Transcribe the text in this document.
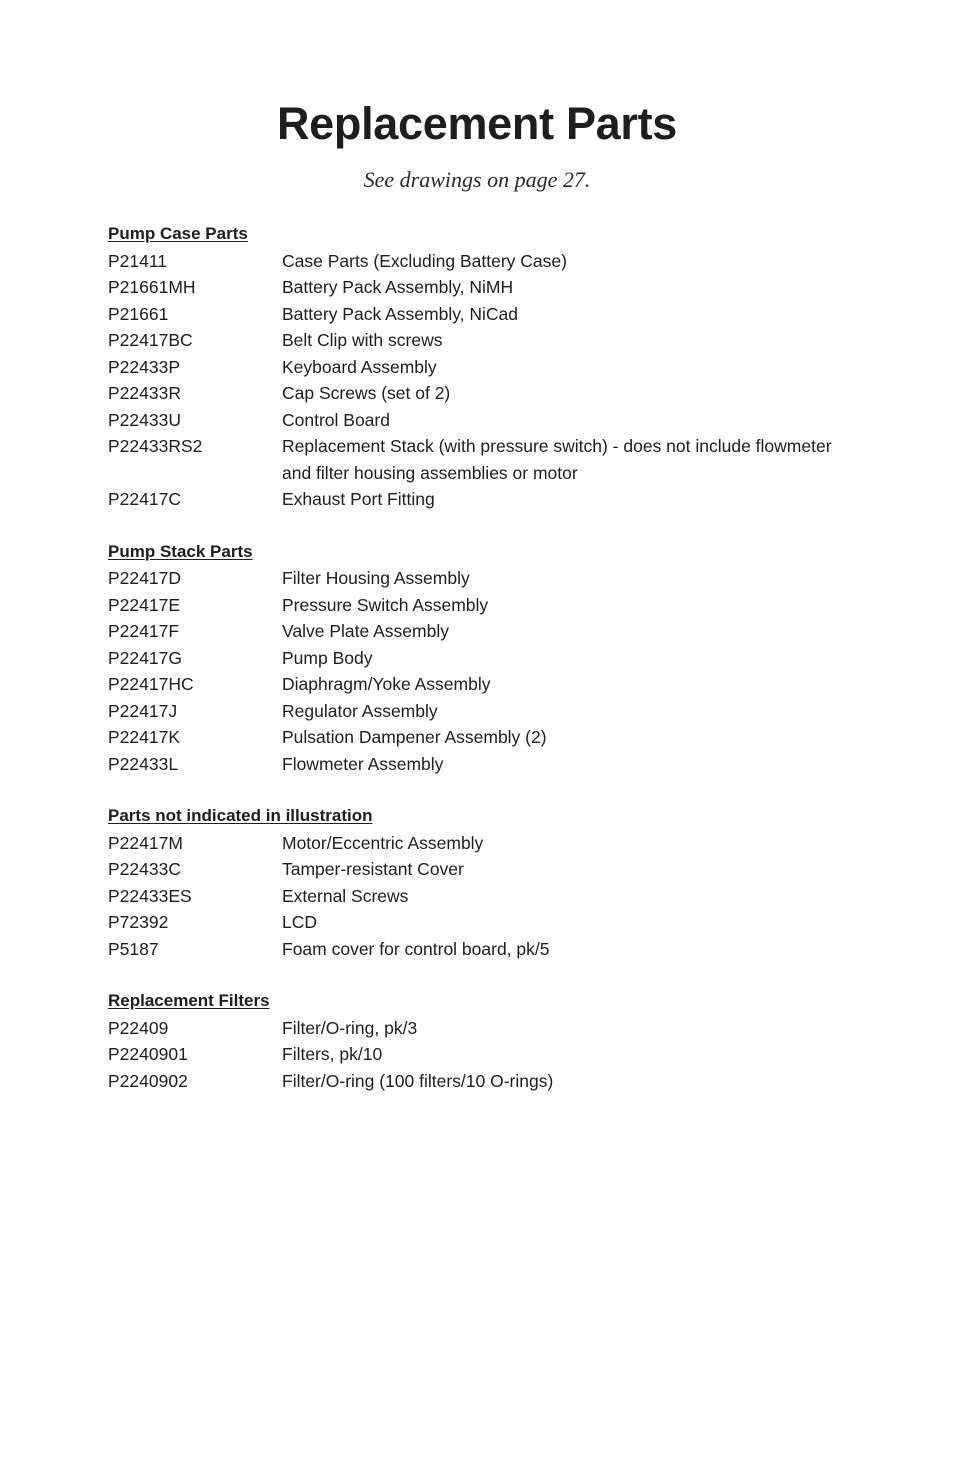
Replacement Parts

See drawings on page 27.

Pump Case Parts
P21411	Case Parts (Excluding Battery Case)
P21661MH	Battery Pack Assembly, NiMH
P21661	Battery Pack Assembly, NiCad
P22417BC	Belt Clip with screws
P22433P	Keyboard Assembly
P22433R	Cap Screws (set of 2)
P22433U	Control Board
P22433RS2	Replacement Stack (with pressure switch) - does not include flowmeter and filter housing assemblies or motor
P22417C	Exhaust Port Fitting
Pump Stack Parts
P22417D	Filter Housing Assembly
P22417E	Pressure Switch Assembly
P22417F	Valve Plate Assembly
P22417G	Pump Body
P22417HC	Diaphragm/Yoke Assembly
P22417J	Regulator Assembly
P22417K	Pulsation Dampener Assembly (2)
P22433L	Flowmeter Assembly
Parts not indicated in illustration
P22417M	Motor/Eccentric Assembly
P22433C	Tamper-resistant Cover
P22433ES	External Screws
P72392	LCD
P5187	Foam cover for control board, pk/5
Replacement Filters
P22409	Filter/O-ring, pk/3
P2240901	Filters, pk/10
P2240902	Filter/O-ring (100 filters/10 O-rings)
